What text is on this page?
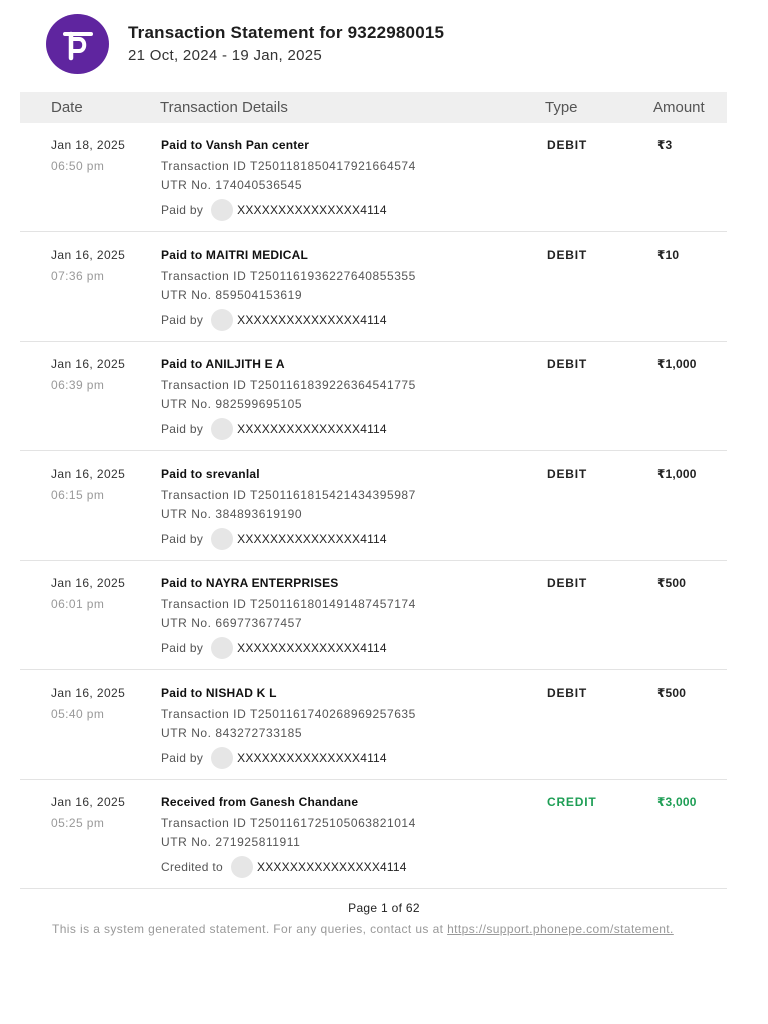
Transaction Statement for 9322980015
21 Oct, 2024 - 19 Jan, 2025
Date	Transaction Details	Type	Amount
Jan 18, 2025
06:50 pm
Paid to Vansh Pan center
Transaction ID T2501181850417921664574
UTR No. 174040536545
Paid by	XXXXXXXXXXXXXXX4114
DEBIT	₹3
Jan 16, 2025
07:36 pm
Paid to MAITRI MEDICAL
Transaction ID T2501161936227640855355
UTR No. 859504153619
Paid by	XXXXXXXXXXXXXXX4114
DEBIT	₹10
Jan 16, 2025
06:39 pm
Paid to ANILJITH E A
Transaction ID T2501161839226364541775
UTR No. 982599695105
Paid by	XXXXXXXXXXXXXXX4114
DEBIT	₹1,000
Jan 16, 2025
06:15 pm
Paid to srevanlal
Transaction ID T2501161815421434395987
UTR No. 384893619190
Paid by	XXXXXXXXXXXXXXX4114
DEBIT	₹1,000
Jan 16, 2025
06:01 pm
Paid to NAYRA ENTERPRISES
Transaction ID T2501161801491487457174
UTR No. 669773677457
Paid by	XXXXXXXXXXXXXXX4114
DEBIT	₹500
Jan 16, 2025
05:40 pm
Paid to NISHAD K L
Transaction ID T2501161740268969257635
UTR No. 843272733185
Paid by	XXXXXXXXXXXXXXX4114
DEBIT	₹500
Jan 16, 2025
05:25 pm
Received from Ganesh Chandane
Transaction ID T2501161725105063821014
UTR No. 271925811911
Credited to	XXXXXXXXXXXXXXX4114
CREDIT	₹3,000
Page 1 of 62
This is a system generated statement. For any queries, contact us at https://support.phonepe.com/statement.
